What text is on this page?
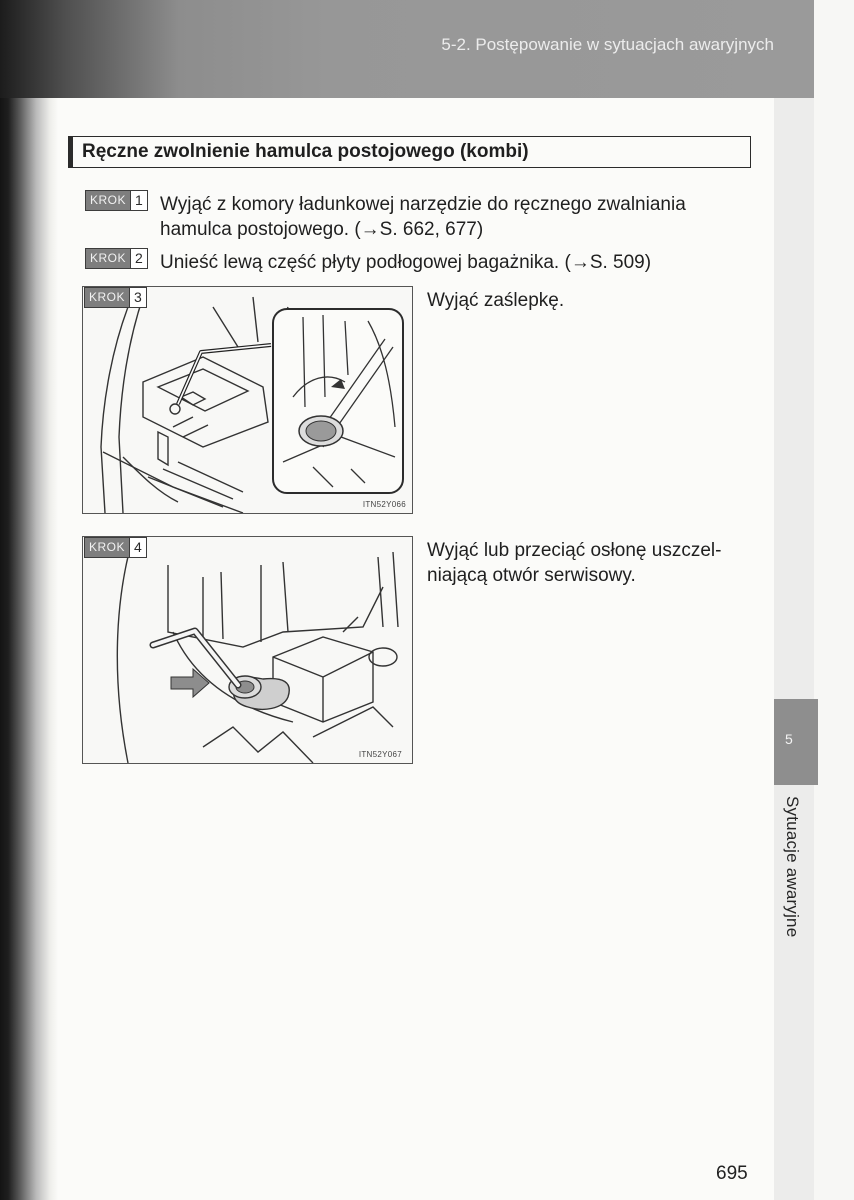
5-2. Postępowanie w sytuacjach awaryjnych
5
Sytuacje awaryjne
Ręczne zwolnienie hamulca postojowego (kombi)
KROK 1 Wyjąć z komory ładunkowej narzędzie do ręcznego zwalniania
hamulca postojowego. (→S. 662, 677)
KROK 2 Unieść lewą część płyty podłogowej bagażnika. (→S. 509)
ITN52Y066
KROK 3	Wyjąć zaślepkę.
ITN52Y067
KROK 4	Wyjąć lub przeciąć osłonę uszczel-
niającą otwór serwisowy.
695
